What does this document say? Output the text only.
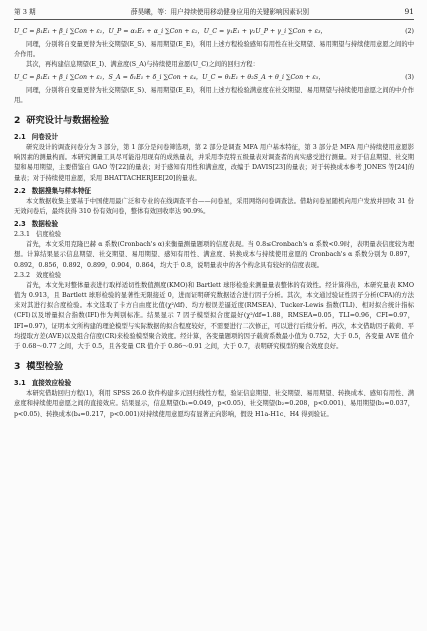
第 3 期	薛昊曦，等：用户持续使用移动健身应用的关键影响因素识别	91
U_C = β₁E₁ + β_i ∑Con + ε₁，U_P = α₁E₁ + α_i ∑Con + ε₂，U_C = γ₁E₁ + γ₂U_P + γ_i ∑Con + ε₃，	(2)

同理，分别将自变量更替为社交期望(E_S)、易用期望(E_E)，利用上述方程检验感知有用性在社交期望、易用期望与持续使用意愿之间的中介作用。

其次，再构建信息期望(E_I)、满意度(S_A)与持续使用意愿(U_C)之间的回归方程：

U_C = β₁E₁ + β_i ∑Con + ε₁，S_A = δ₁E₁ + δ_i ∑Con + ε₄，U_C = θ₁E₁ + θ₂S_A + θ_i ∑Con + ε₅，	(3)

同理，分别将自变量更替为社交期望(E_S)、易用期望(E_E)，利用上述方程检验满意度在社交期望、易用期望与持续使用意愿之间的中介作用。

2 研究设计与数据检验
2.1 问卷设计

研究设计的调查问卷分为 3 部分，第 1 部分是问卷筛选项，第 2 部分是调查 MFA 用户基本特征，第 3 部分是 MFA 用户持续使用意愿影响因素的测量构面。本研究测量工具尽可能沿用现有的成熟量表，并采用李克特五级量表对调查者的真实感受进行测量。对于信息期望、社交期望和易用期望，主要借鉴自 GAO 等[22]的量表；对于感知有用性和满意度，改编于 DAVIS[23]的量表；对于转换成本参考 JONES 等[24]的量表；对于持续使用意愿，采用 BHATTACHERJEE[20]的量表。

2.2 数据搜集与样本特征

本文数据收集主要基于中国使用最广泛和专业的在线调查平台——问卷星，采用网络问卷调查法。借助问卷星随机向用户发放并回收 31 份无效问卷后，最终获得 310 份有效问卷，整体有效回收率达 90.9%。

2.3 数据检验
2.3.1 信度检验

首先，本文采用克隆巴赫 α 系数(Cronbach's α)来衡量测量题项的信度表现。当 0.8≤Cronbach's α 系数<0.9时，表明量表信度较为理想。计算结果显示信息期望、社交期望、易用期望、感知有用性、满意度、转换成本与持续使用意愿的 Cronbach's α 系数分别为 0.897，0.892，0.856，0.892，0.899，0.904，0.864，均大于 0.8，说明量表中的各个构念具有较好的信度表现。

2.3.2 效度检验

首先，本文先对整体量表进行取样适切性数值测度(KMO)和 Bartlett 球形检验来测量量表整体的有效性。经计算得出，本研究量表 KMO 值为 0.913，且 Bartlett 球形检验的显著性无限接近 0，进而证明研究数据适合进行因子分析。其次，本文通过验证性因子分析(CFA)的方法来对其进行拟合度检验。本文选取了卡方自由度比值(χ²/df)、均方根误差逼近度(RMSEA)、Tucker-Lewis 指数(TLI)、相对拟合统计指标(CFI)以及增量拟合指数(IFI)作为判别标准。结果显示 7 因子模型拟合度最好(χ²/df=1.88，RMSEA=0.05，TLI=0.96，CFI=0.97，IFI=0.97)，证明本文所构建的理论模型与实际数据的拟合程度较好，不需要进行二次修正，可以进行后续分析。再次，本文借助因子载荷、平均提取方差(AVE)以及组合信度(CR)来检验模型聚合效度。经计算，各变量题项的因子载荷系数最小值为 0.752，大于 0.5，各变量 AVE 值介于 0.68～0.77 之间，大于 0.5，且各变量 CR 值介于 0.86～0.91 之间，大于 0.7，表明研究模型的聚合效度良好。

3 模型检验
3.1 直接效应检验

本研究借助回归方程(1)，利用 SPSS 26.0 软件构建多元回归线性方程，验证信息期望、社交期望、易用期望、转换成本、感知有用性、满意度和持续使用意愿之间的直接效应。结果显示，信息期望(b₁=0.049，p<0.05)、社交期望(b₂=0.208，p<0.001)、易用期望(b₃=0.037，p<0.05)、转换成本(b₄=0.217，p<0.001)对持续使用意愿均有显著正向影响，假设 H1a-H1c、H4 得到验证。
